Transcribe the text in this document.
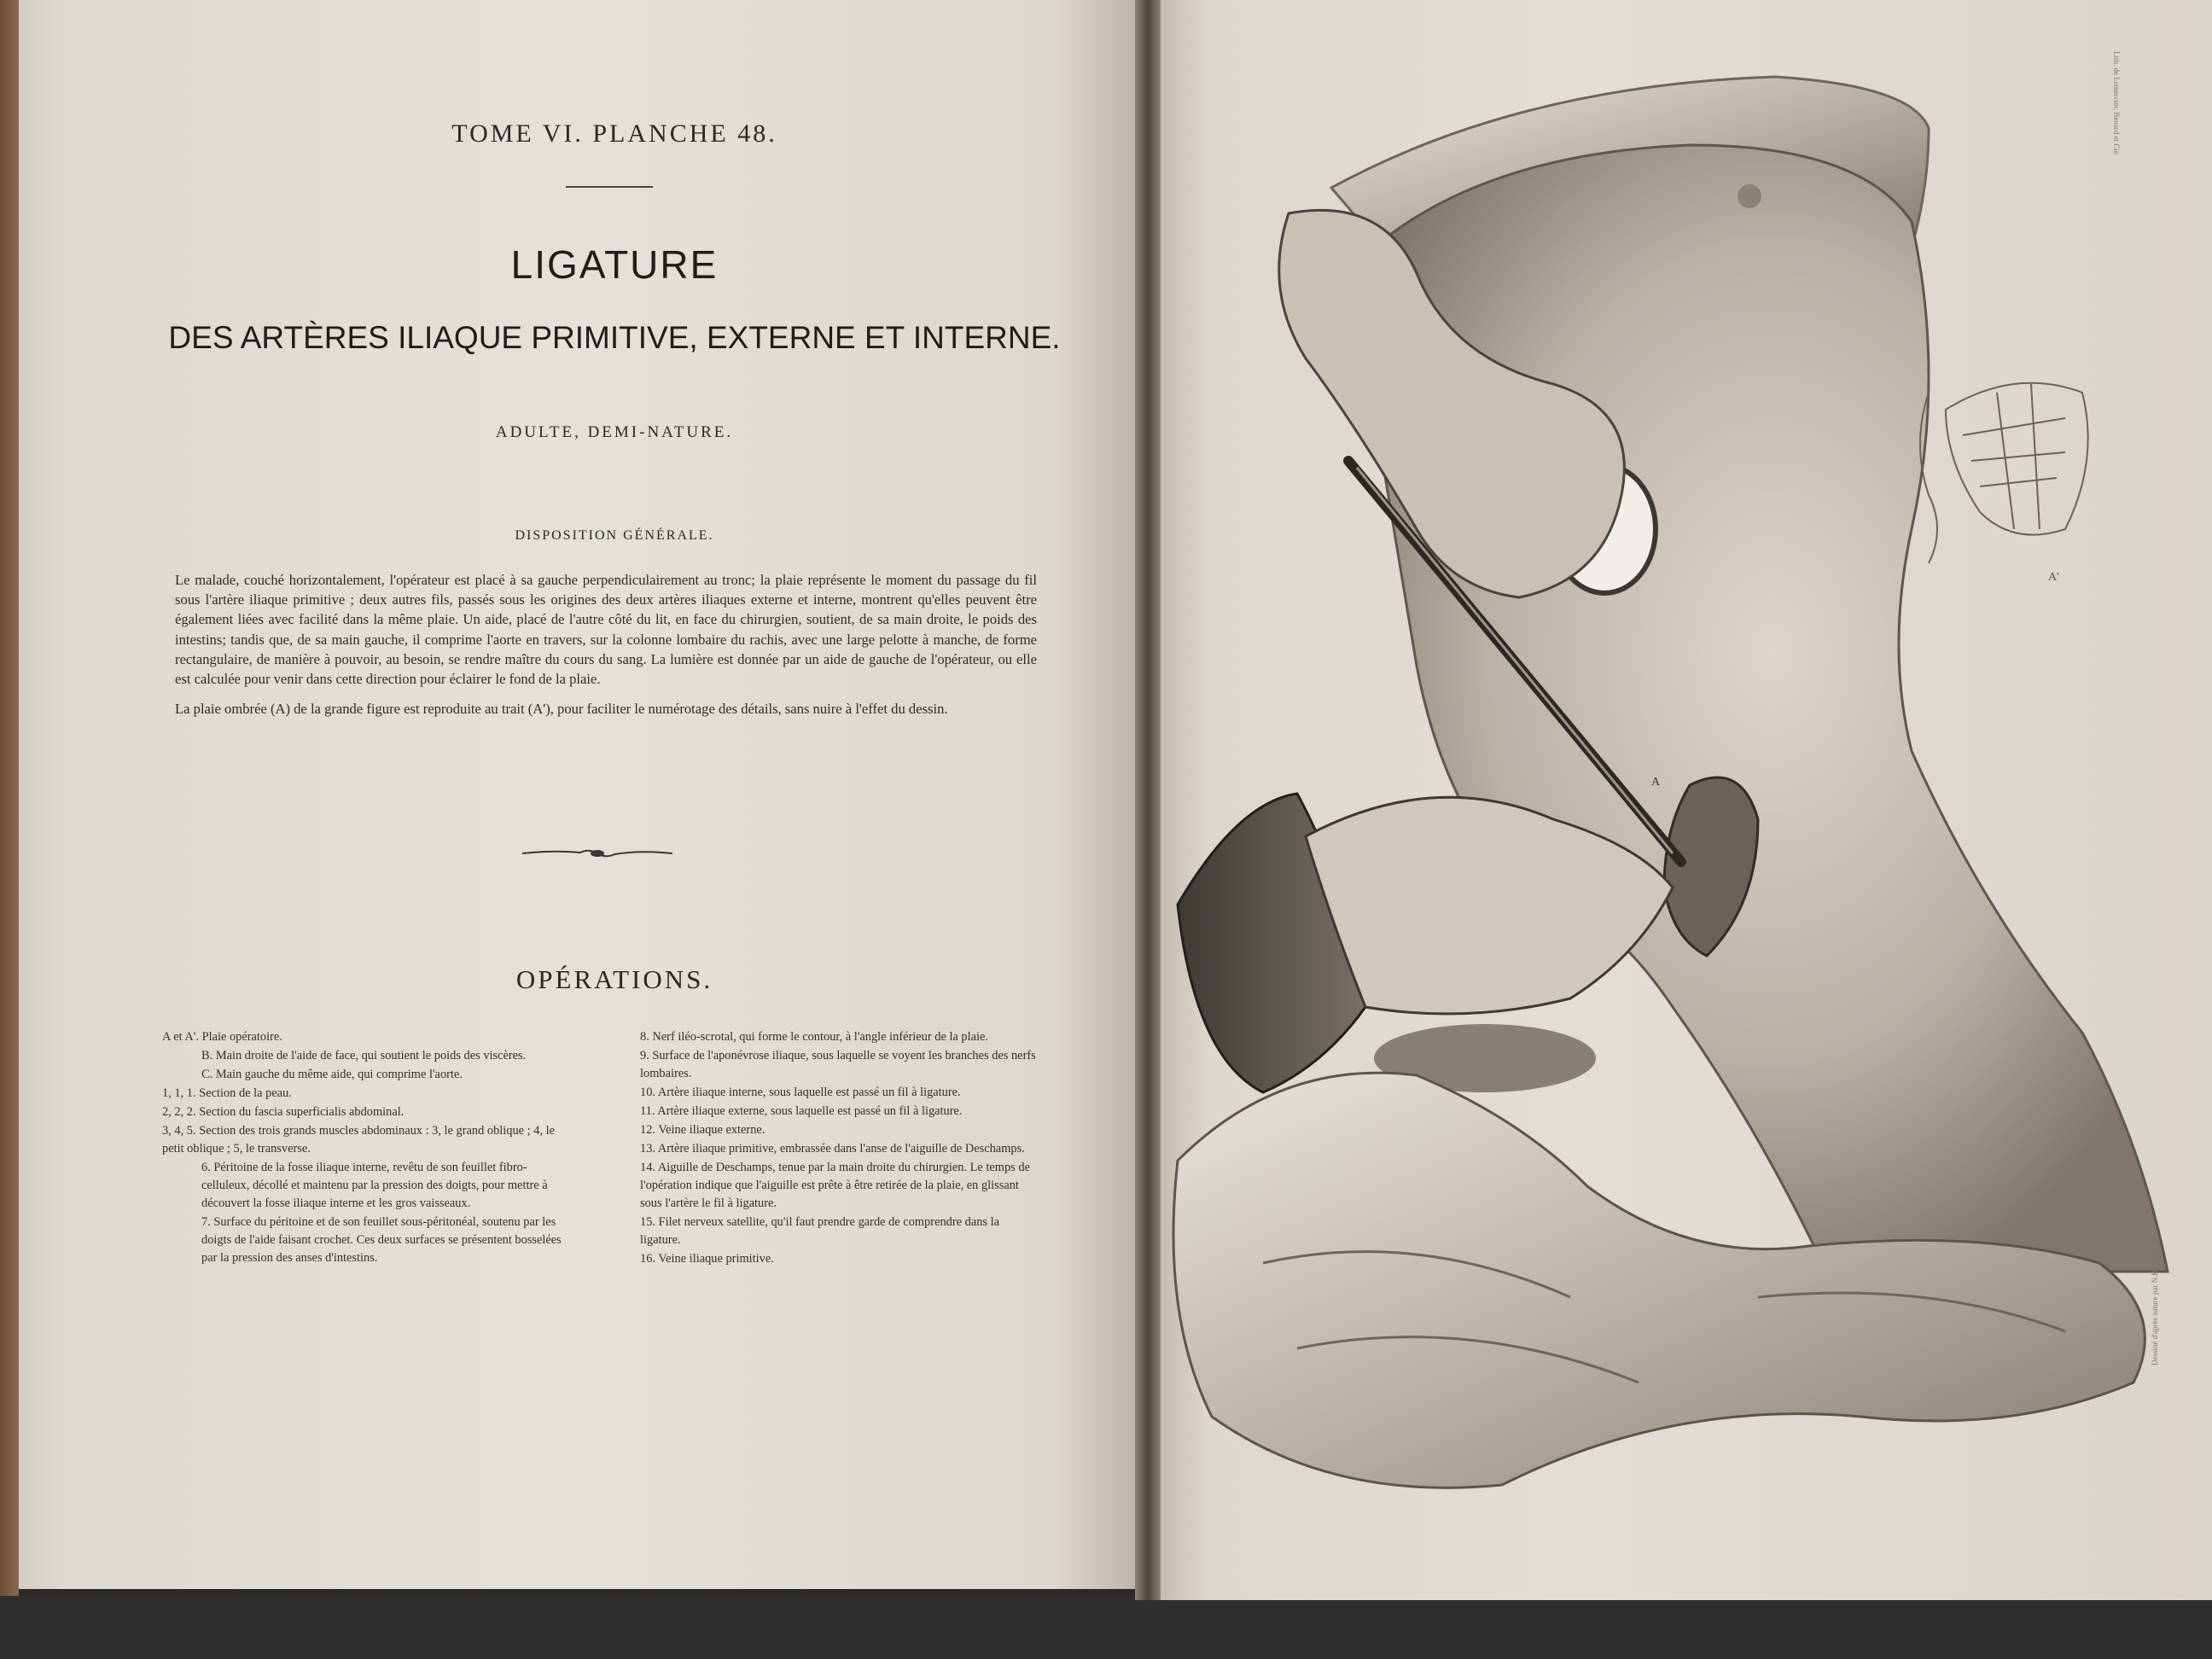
TOME VI. PLANCHE 48.
LIGATURE
DES ARTÈRES ILIAQUE PRIMITIVE, EXTERNE ET INTERNE.
ADULTE, DEMI-NATURE.
DISPOSITION GÉNÉRALE.

Le malade, couché horizontalement, l'opérateur est placé à sa gauche perpendiculairement au tronc; la plaie représente le moment du passage du fil sous l'artère iliaque primitive ; deux autres fils, passés sous les origines des deux artères iliaques externe et interne, montrent qu'elles peuvent être également liées avec facilité dans la même plaie. Un aide, placé de l'autre côté du lit, en face du chirurgien, soutient, de sa main droite, le poids des intestins; tandis que, de sa main gauche, il comprime l'aorte en travers, sur la colonne lombaire du rachis, avec une large pelotte à manche, de forme rectangulaire, de manière à pouvoir, au besoin, se rendre maître du cours du sang. La lumière est donnée par un aide de gauche de l'opérateur, ou elle est calculée pour venir dans cette direction pour éclairer le fond de la plaie.

La plaie ombrée (A) de la grande figure est reproduite au trait (A'), pour faciliter le numérotage des détails, sans nuire à l'effet du dessin.

OPÉRATIONS.
A et A'. Plaie opératoire.
B. Main droite de l'aide de face, qui soutient le poids des viscères.
C. Main gauche du même aide, qui comprime l'aorte.
1, 1, 1. Section de la peau.
2, 2, 2. Section du fascia superficialis abdominal.
3, 4, 5. Section des trois grands muscles abdominaux : 3, le grand oblique ; 4, le petit oblique ; 5, le transverse.
6. Péritoine de la fosse iliaque interne, revêtu de son feuillet fibro-celluleux, décollé et maintenu par la pression des doigts, pour mettre à découvert la fosse iliaque interne et les gros vaisseaux.
7. Surface du péritoine et de son feuillet sous-péritonéal, soutenu par les doigts de l'aide faisant crochet. Ces deux surfaces se présentent bosselées par la pression des anses d'intestins.
8. Nerf iléo-scrotal, qui forme le contour, à l'angle inférieur de la plaie.
9. Surface de l'aponévrose iliaque, sous laquelle se voyent les branches des nerfs lombaires.
10. Artère iliaque interne, sous laquelle est passé un fil à ligature.
11. Artère iliaque externe, sous laquelle est passé un fil à ligature.
12. Veine iliaque externe.
13. Artère iliaque primitive, embrassée dans l'anse de l'aiguille de Deschamps.
14. Aiguille de Deschamps, tenue par la main droite du chirurgien. Le temps de l'opération indique que l'aiguille est prête à être retirée de la plaie, en glissant sous l'artère le fil à ligature.
15. Filet nerveux satellite, qu'il faut prendre garde de comprendre dans la ligature.
16. Veine iliaque primitive.
A'
A
Lith. de Lemercier, Benard et Cie
Dessiné d'après nature par N.H. Jacob
